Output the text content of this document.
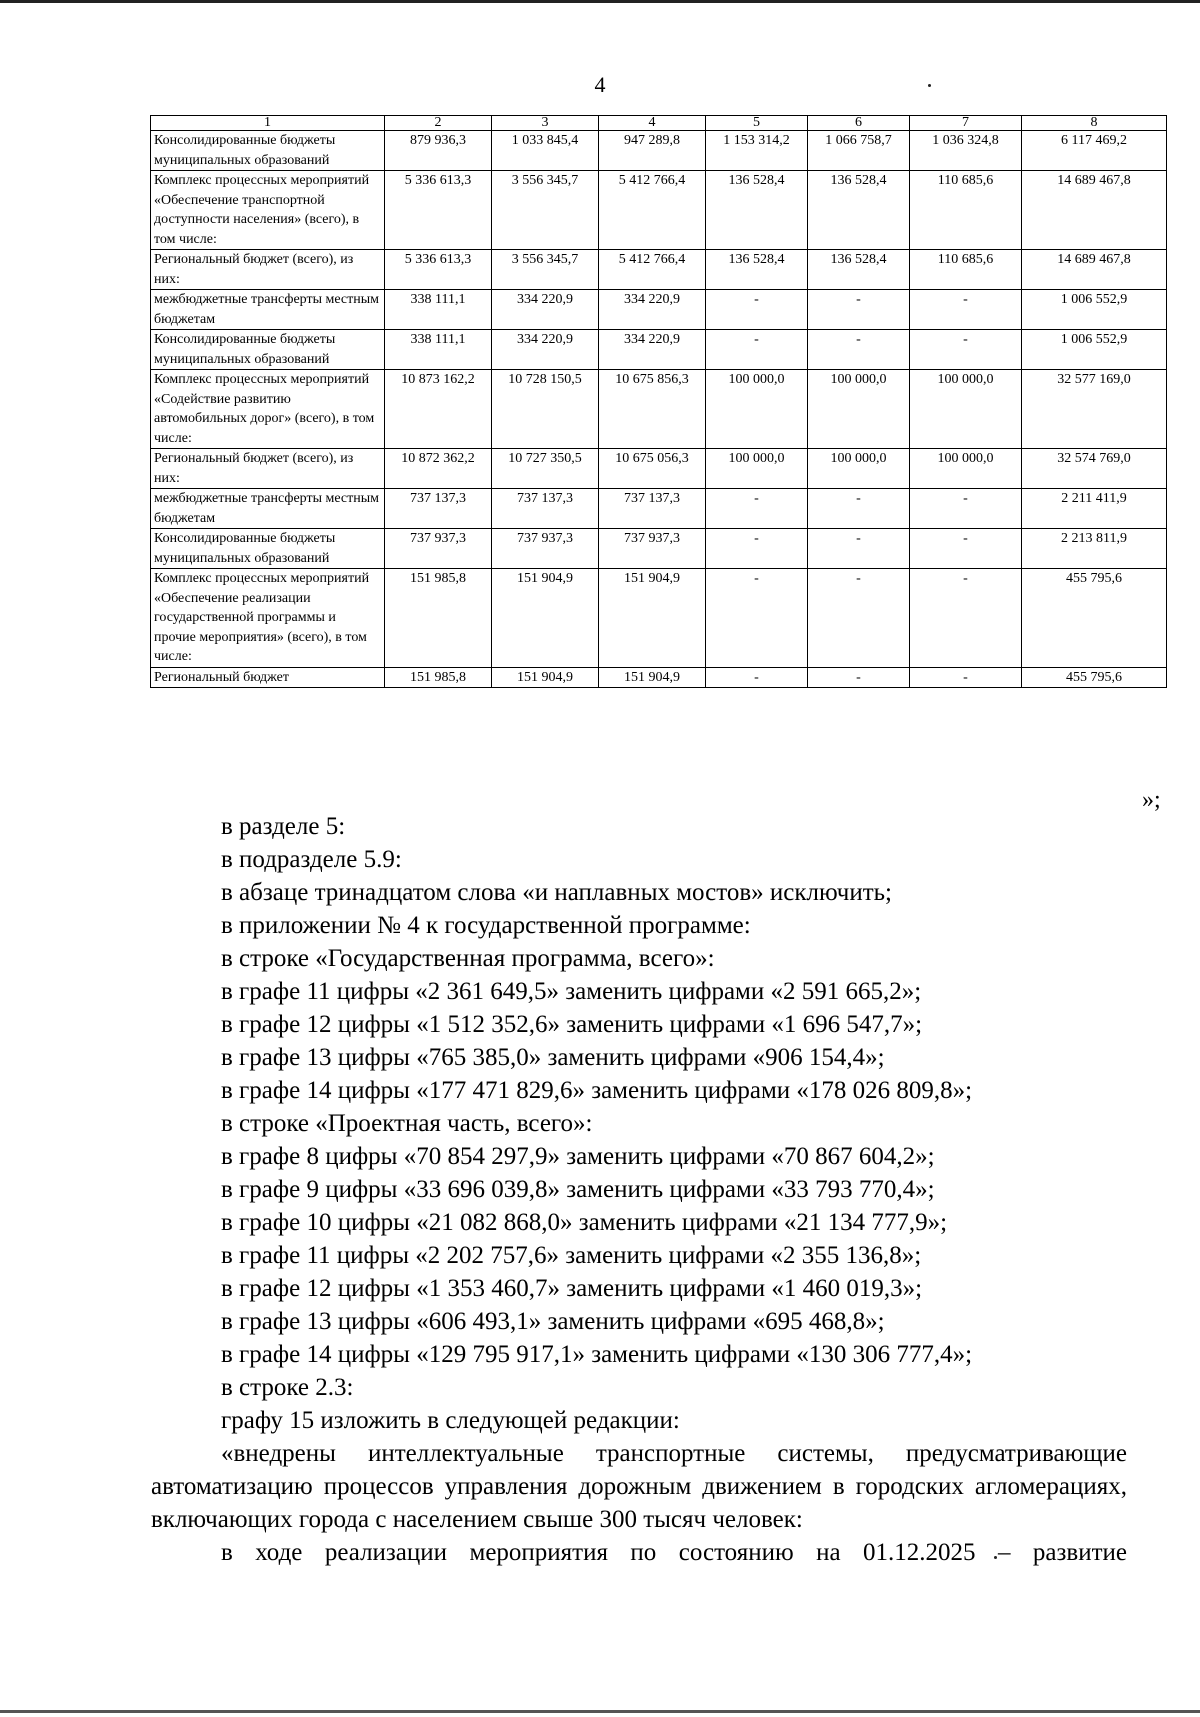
4
1	2	3	4	5	6	7	8
Консолидированные бюджеты муниципальных образований	879 936,3	1 033 845,4	947 289,8	1 153 314,2	1 066 758,7	1 036 324,8	6 117 469,2
Комплекс процессных мероприятий «Обеспечение транспортной доступности населения» (всего), в том числе:	5 336 613,3	3 556 345,7	5 412 766,4	136 528,4	136 528,4	110 685,6	14 689 467,8
Региональный бюджет (всего), из них:	5 336 613,3	3 556 345,7	5 412 766,4	136 528,4	136 528,4	110 685,6	14 689 467,8
межбюджетные трансферты местным бюджетам	338 111,1	334 220,9	334 220,9	-	-	-	1 006 552,9
Консолидированные бюджеты муниципальных образований	338 111,1	334 220,9	334 220,9	-	-	-	1 006 552,9
Комплекс процессных мероприятий «Содействие развитию автомобильных дорог» (всего), в том числе:	10 873 162,2	10 728 150,5	10 675 856,3	100 000,0	100 000,0	100 000,0	32 577 169,0
Региональный бюджет (всего), из них:	10 872 362,2	10 727 350,5	10 675 056,3	100 000,0	100 000,0	100 000,0	32 574 769,0
межбюджетные трансферты местным бюджетам	737 137,3	737 137,3	737 137,3	-	-	-	2 211 411,9
Консолидированные бюджеты муниципальных образований	737 937,3	737 937,3	737 937,3	-	-	-	2 213 811,9
Комплекс процессных мероприятий «Обеспечение реализации государственной программы и прочие мероприятия» (всего), в том числе:	151 985,8	151 904,9	151 904,9	-	-	-	455 795,6
Региональный бюджет	151 985,8	151 904,9	151 904,9	-	-	-	455 795,6
»;

в разделе 5:

в подразделе 5.9:

в абзаце тринадцатом слова «и наплавных мостов» исключить;

в приложении № 4 к государственной программе:

в строке «Государственная программа, всего»:

в графе 11 цифры «2 361 649,5» заменить цифрами «2 591 665,2»;

в графе 12 цифры «1 512 352,6» заменить цифрами «1 696 547,7»;

в графе 13 цифры «765 385,0» заменить цифрами «906 154,4»;

в графе 14 цифры «177 471 829,6» заменить цифрами «178 026 809,8»;

в строке «Проектная часть, всего»:

в графе 8 цифры «70 854 297,9» заменить цифрами «70 867 604,2»;

в графе 9 цифры «33 696 039,8» заменить цифрами «33 793 770,4»;

в графе 10 цифры «21 082 868,0» заменить цифрами «21 134 777,9»;

в графе 11 цифры «2 202 757,6» заменить цифрами «2 355 136,8»;

в графе 12 цифры «1 353 460,7» заменить цифрами «1 460 019,3»;

в графе 13 цифры «606 493,1» заменить цифрами «695 468,8»;

в графе 14 цифры «129 795 917,1» заменить цифрами «130 306 777,4»;

в строке 2.3:

графу 15 изложить в следующей редакции:

«внедрены интеллектуальные транспортные системы, предусматривающие автоматизацию процессов управления дорожным движением в городских агломерациях, включающих города с населением свыше 300 тысяч человек:

в ходе реализации мероприятия по состоянию на 01.12.2025 – развитие
